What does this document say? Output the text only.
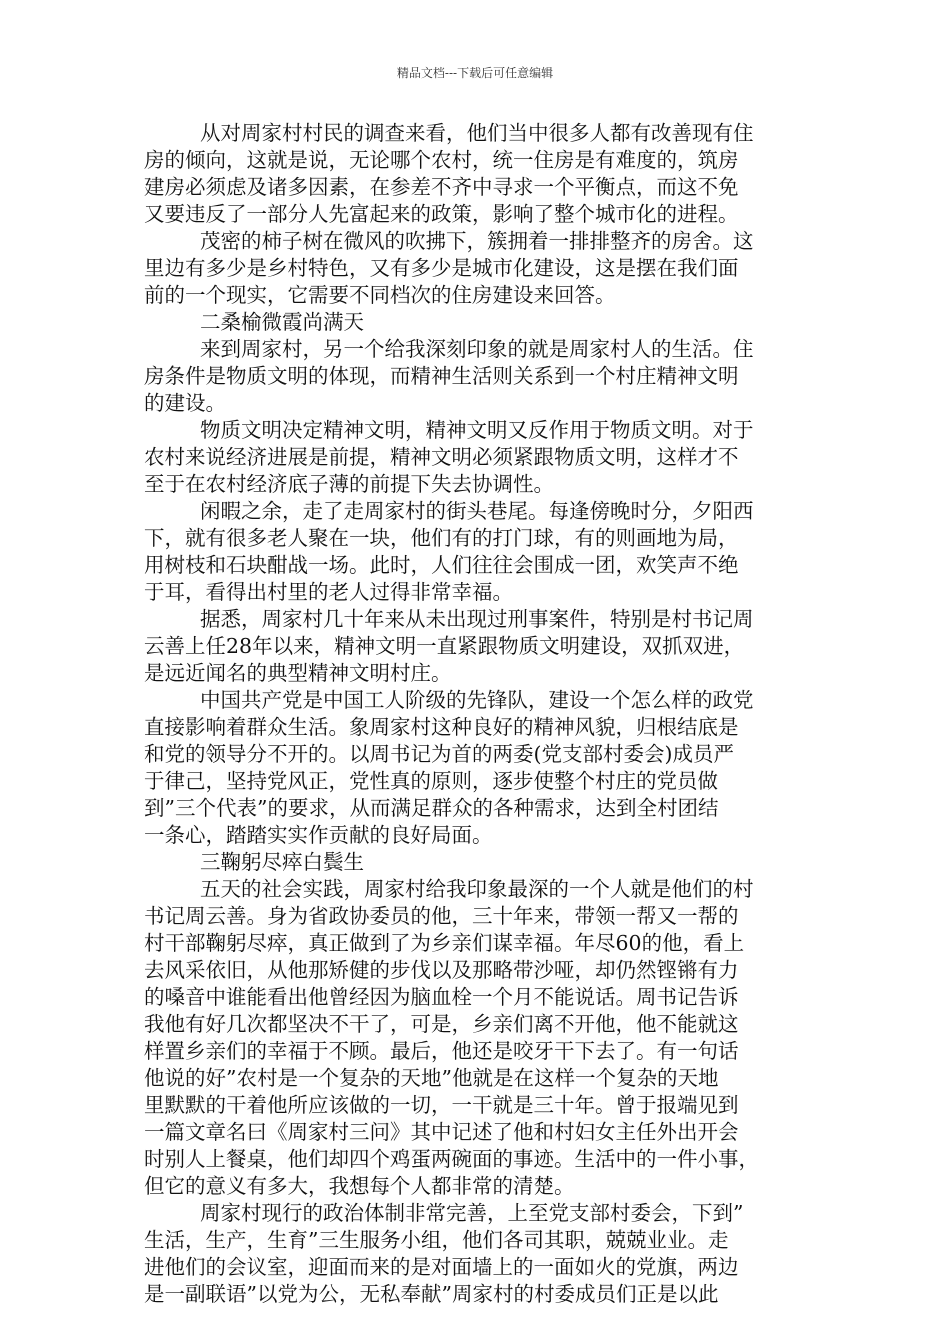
精品文档---下载后可任意编辑
从对周家村村民的调查来看，他们当中很多人都有改善现有住
房的倾向，这就是说，无论哪个农村，统一住房是有难度的，筑房
建房必须虑及诸多因素，在参差不齐中寻求一个平衡点，而这不免
又要违反了一部分人先富起来的政策，影响了整个城市化的进程。
茂密的柿子树在微风的吹拂下，簇拥着一排排整齐的房舍。这
里边有多少是乡村特色，又有多少是城市化建设，这是摆在我们面
前的一个现实，它需要不同档次的住房建设来回答。
二桑榆微霞尚满天
来到周家村，另一个给我深刻印象的就是周家村人的生活。住
房条件是物质文明的体现，而精神生活则关系到一个村庄精神文明
的建设。
物质文明决定精神文明，精神文明又反作用于物质文明。对于
农村来说经济进展是前提，精神文明必须紧跟物质文明，这样才不
至于在农村经济底子薄的前提下失去协调性。
闲暇之余，走了走周家村的街头巷尾。每逢傍晚时分，夕阳西
下，就有很多老人聚在一块，他们有的打门球，有的则画地为局，
用树枝和石块酣战一场。此时，人们往往会围成一团，欢笑声不绝
于耳，看得出村里的老人过得非常幸福。
据悉，周家村几十年来从未出现过刑事案件，特别是村书记周
云善上任28年以来，精神文明一直紧跟物质文明建设，双抓双进，
是远近闻名的典型精神文明村庄。
中国共产党是中国工人阶级的先锋队，建设一个怎么样的政党
直接影响着群众生活。象周家村这种良好的精神风貌，归根结底是
和党的领导分不开的。以周书记为首的两委(党支部村委会)成员严
于律己，坚持党风正，党性真的原则，逐步使整个村庄的党员做
到”三个代表”的要求，从而满足群众的各种需求，达到全村团结
一条心，踏踏实实作贡献的良好局面。
三鞠躬尽瘁白鬓生
五天的社会实践，周家村给我印象最深的一个人就是他们的村
书记周云善。身为省政协委员的他，三十年来，带领一帮又一帮的
村干部鞠躬尽瘁，真正做到了为乡亲们谋幸福。年尽60的他，看上
去风采依旧，从他那矫健的步伐以及那略带沙哑，却仍然铿锵有力
的嗓音中谁能看出他曾经因为脑血栓一个月不能说话。周书记告诉
我他有好几次都坚决不干了，可是，乡亲们离不开他，他不能就这
样置乡亲们的幸福于不顾。最后，他还是咬牙干下去了。有一句话
他说的好”农村是一个复杂的天地”他就是在这样一个复杂的天地
里默默的干着他所应该做的一切，一干就是三十年。曾于报端见到
一篇文章名曰《周家村三问》其中记述了他和村妇女主任外出开会
时别人上餐桌，他们却四个鸡蛋两碗面的事迹。生活中的一件小事，
但它的意义有多大，我想每个人都非常的清楚。
周家村现行的政治体制非常完善，上至党支部村委会，下到”
生活，生产，生育”三生服务小组，他们各司其职，兢兢业业。走
进他们的会议室，迎面而来的是对面墙上的一面如火的党旗，两边
是一副联语”以党为公，无私奉献”周家村的村委成员们正是以此
